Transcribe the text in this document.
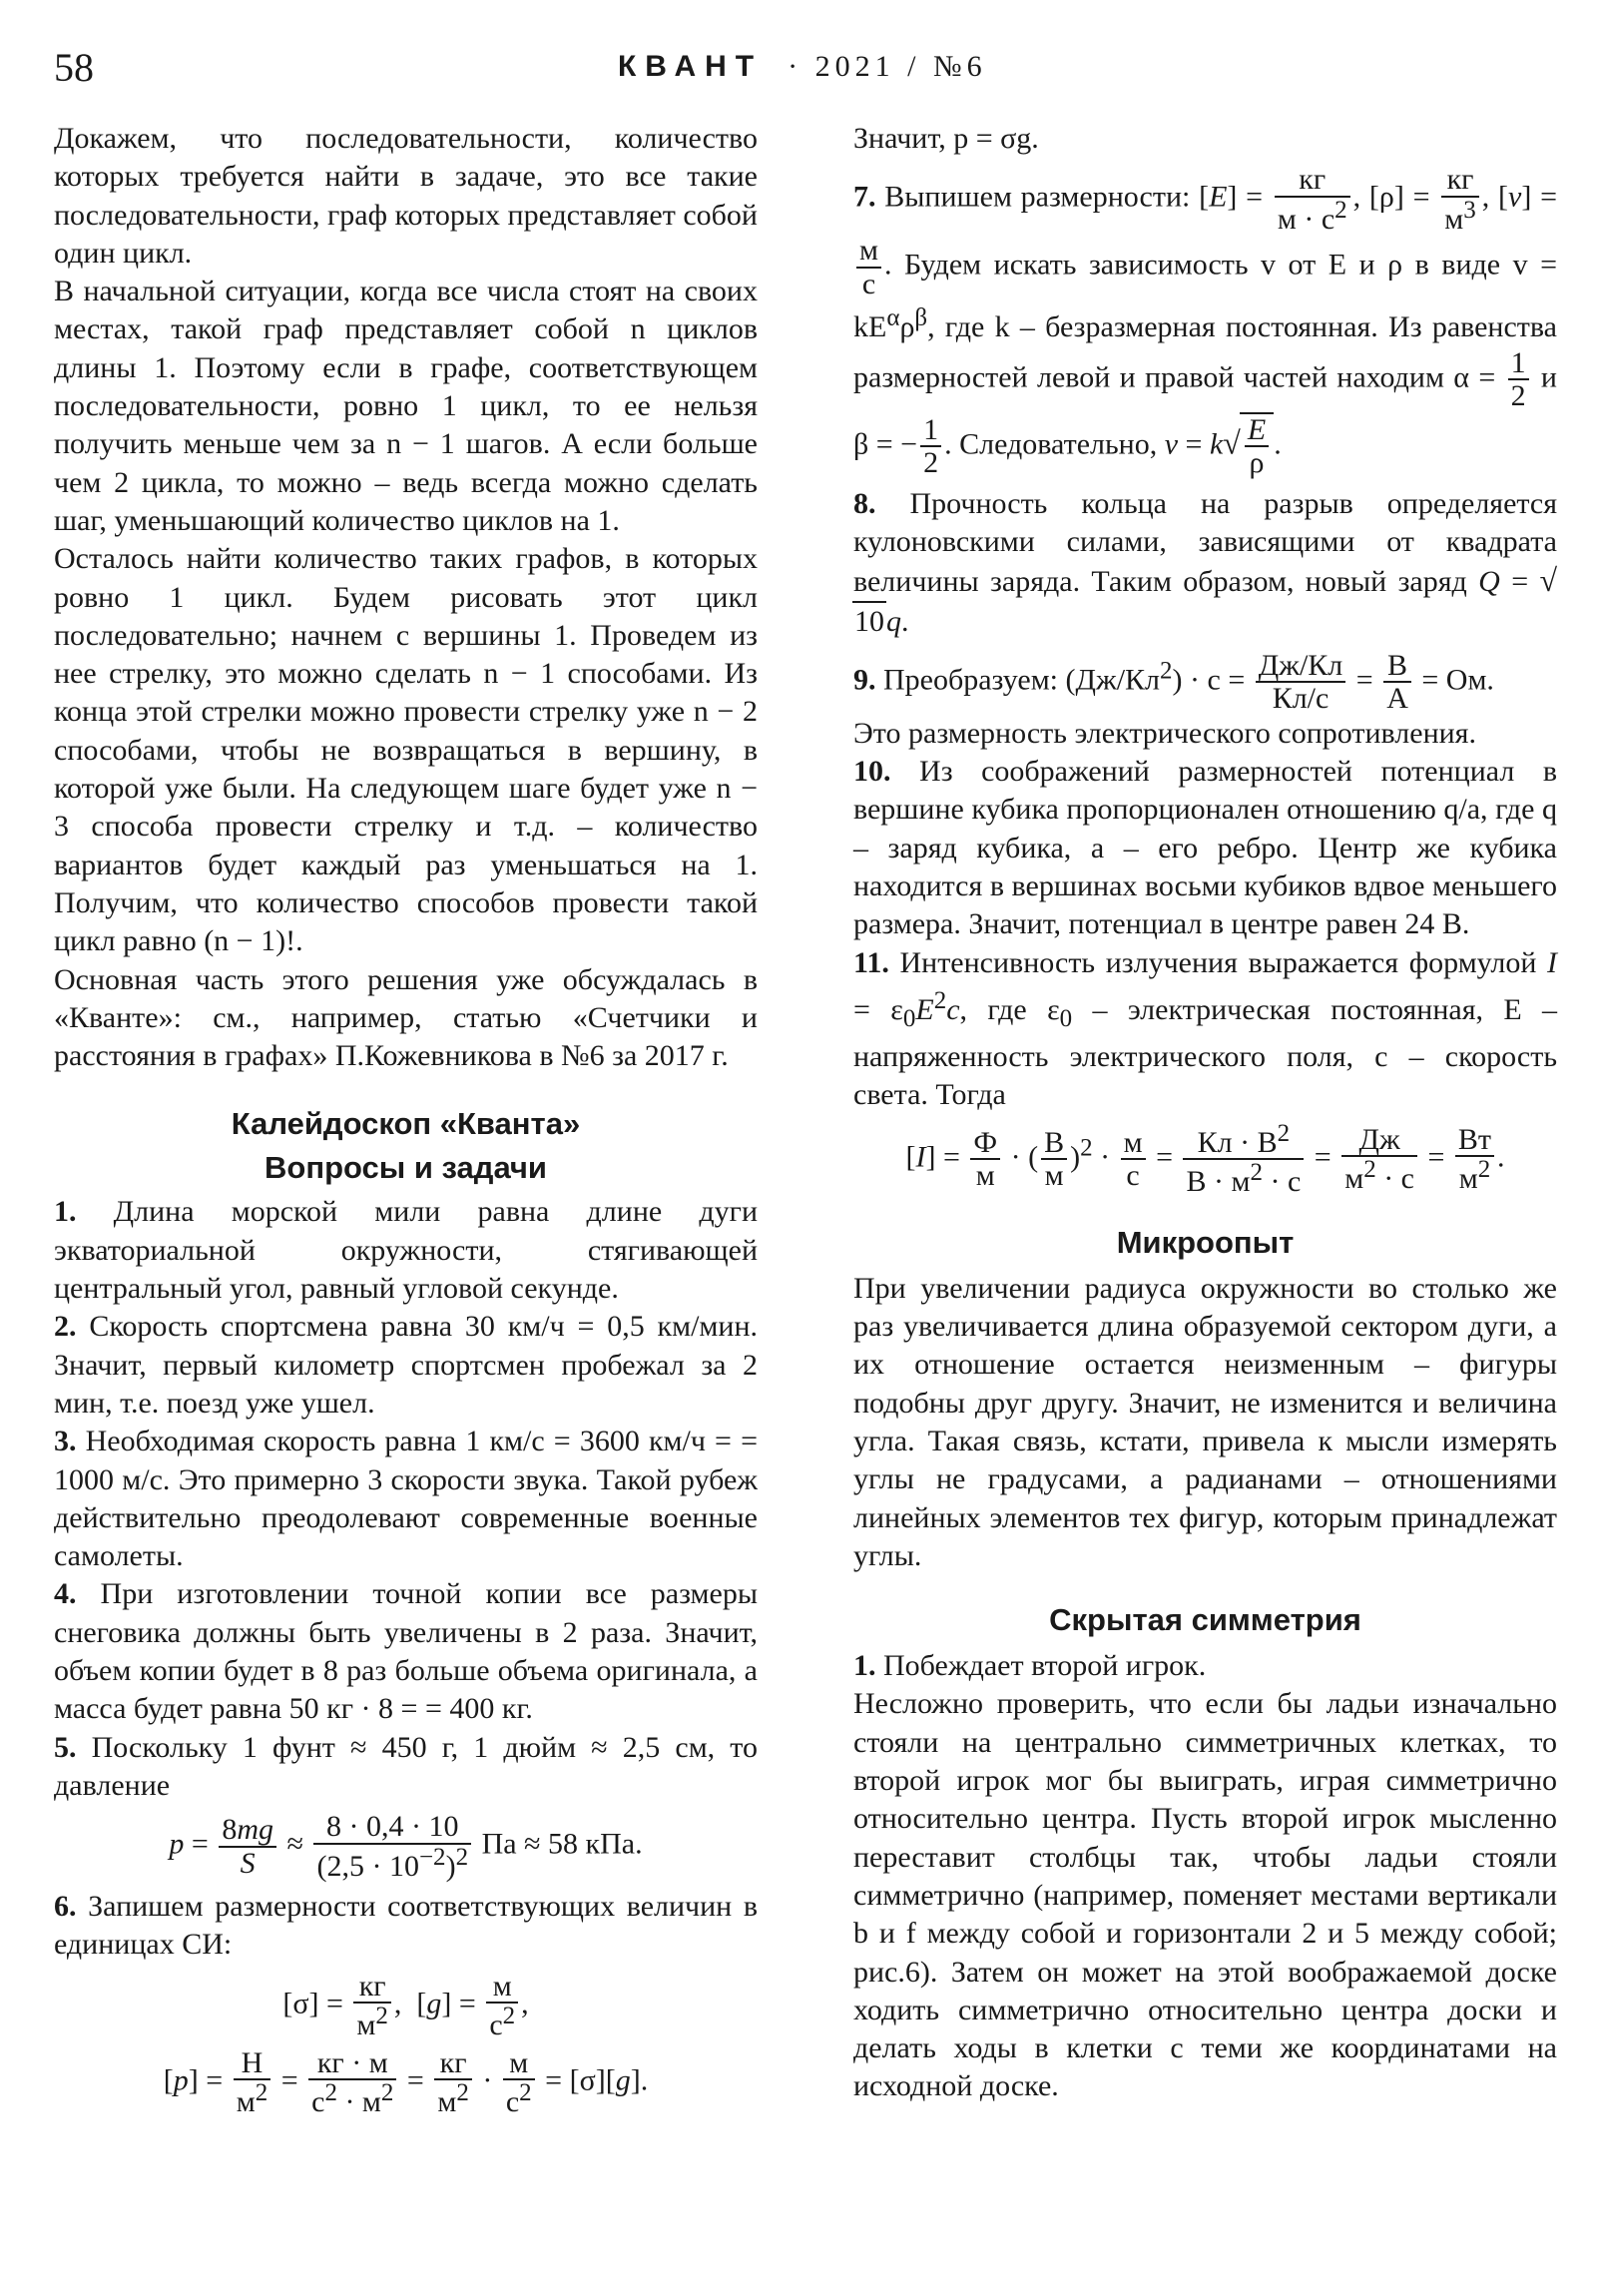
58	КВАНТ · 2021 / №6

Докажем, что последовательности, количество которых требуется найти в задаче, это все такие последовательности, граф которых представляет собой один цикл.

В начальной ситуации, когда все числа стоят на своих местах, такой граф представляет собой n циклов длины 1. Поэтому если в графе, соответствующем последовательности, ровно 1 цикл, то ее нельзя получить меньше чем за n − 1 шагов. А если больше чем 2 цикла, то можно – ведь всегда можно сделать шаг, уменьшающий количество циклов на 1.

Осталось найти количество таких графов, в которых ровно 1 цикл. Будем рисовать этот цикл последовательно; начнем с вершины 1. Проведем из нее стрелку, это можно сделать n − 1 способами. Из конца этой стрелки можно провести стрелку уже n − 2 способами, чтобы не возвращаться в вершину, в которой уже были. На следующем шаге будет уже n − 3 способа провести стрелку и т.д. – количество вариантов будет каждый раз уменьшаться на 1. Получим, что количество способов провести такой цикл равно (n − 1)!.

Основная часть этого решения уже обсуждалась в «Кванте»: см., например, статью «Счетчики и расстояния в графах» П.Кожевникова в №6 за 2017 г.

Калейдоскоп «Кванта»
Вопросы и задачи

1. Длина морской мили равна длине дуги экваториальной окружности, стягивающей центральный угол, равный угловой секунде.

2. Скорость спортсмена равна 30 км/ч = 0,5 км/мин. Значит, первый километр спортсмен пробежал за 2 мин, т.е. поезд уже ушел.

3. Необходимая скорость равна 1 км/с = 3600 км/ч = = 1000 м/с. Это примерно 3 скорости звука. Такой рубеж действительно преодолевают современные военные самолеты.

4. При изготовлении точной копии все размеры снеговика должны быть увеличены в 2 раза. Значит, объем копии будет в 8 раз больше объема оригинала, а масса будет равна 50 кг · 8 = = 400 кг.

5. Поскольку 1 фунт ≈ 450 г, 1 дюйм ≈ 2,5 см, то давление

$p = \frac{8mg}{S} \approx \frac{8 \cdot 0,4 \cdot 10}{(2,5 \cdot 10^{-2})^2}$ Па ≈ 58 кПа.

6. Запишем размерности соответствующих величин в единицах СИ:

$[\sigma] = \frac{кг}{м^2}$ ,  $[g] = \frac{м}{с^2}$ ,
$[p] = \frac{Н}{м^2} = \frac{кг \cdot м}{с^2 \cdot м^2} = \frac{кг}{м^2} \cdot \frac{м}{с^2} = [\sigma][g]$.

Значит, p = σg.

7. Выпишем размерности: $[E] = \frac{кг}{м \cdot с^2}$ , $[\rho] = \frac{кг}{м^3}$ , [v] =
$\frac{м}{с}$ . Будем искать зависимость v от E и ρ в виде $v = kE^\alpha\rho^\beta$, где k – безразмерная постоянная. Из равенства размерностей левой и правой частей находим $\alpha = \frac{1}{2}$ и β = − $\frac{1}{2}$ . Следовательно, $v = k√ \frac{E}{\rho}$ .

8. Прочность кольца на разрыв определяется кулоновскими силами, зависящими от квадрата величины заряда. Таким образом, новый заряд Q = √10q.

9. Преобразуем: $(Дж/Кл^2) \cdot с = \frac{Дж/Кл}{Кл/с} = \frac{В}{А}$ = Ом.

Это размерность электрического сопротивления.

10. Из соображений размерностей потенциал в вершине кубика пропорционален отношению q/a, где q – заряд кубика, a – его ребро. Центр же кубика находится в вершинах восьми кубиков вдвое меньшего размера. Значит, потенциал в центре равен 24 В.

11. Интенсивность излучения выражается формулой $I = \varepsilon_0E^2c$, где $\varepsilon_0$ – электрическая постоянная, E – напряженность электрического поля, c – скорость света. Тогда

$[I] = \frac{Ф}{м}$ · ( $\frac{В}{м} )^2 \cdot \frac{м}{с} = \frac{Кл \cdot В^2}{В \cdot м^2 \cdot с} = \frac{Дж}{м^2 \cdot с} = \frac{Вт}{м^2}$ .
Микроопыт

При увеличении радиуса окружности во столько же раз увеличивается длина образуемой сектором дуги, а их отношение остается неизменным – фигуры подобны друг другу. Значит, не изменится и величина угла. Такая связь, кстати, привела к мысли измерять углы не градусами, а радианами – отношениями линейных элементов тех фигур, которым принадлежат углы.

Скрытая симметрия

1. Побеждает второй игрок.

Несложно проверить, что если бы ладьи изначально стояли на центрально симметричных клетках, то второй игрок мог бы выиграть, играя симметрично относительно центра. Пусть второй игрок мысленно переставит столбцы так, чтобы ладьи стояли симметрично (например, поменяет местами вертикали b и f между собой и горизонтали 2 и 5 между собой; рис.6). Затем он может на этой воображаемой доске ходить симметрично относительно центра доски и делать ходы в клетки с теми же координатами на исходной доске.
